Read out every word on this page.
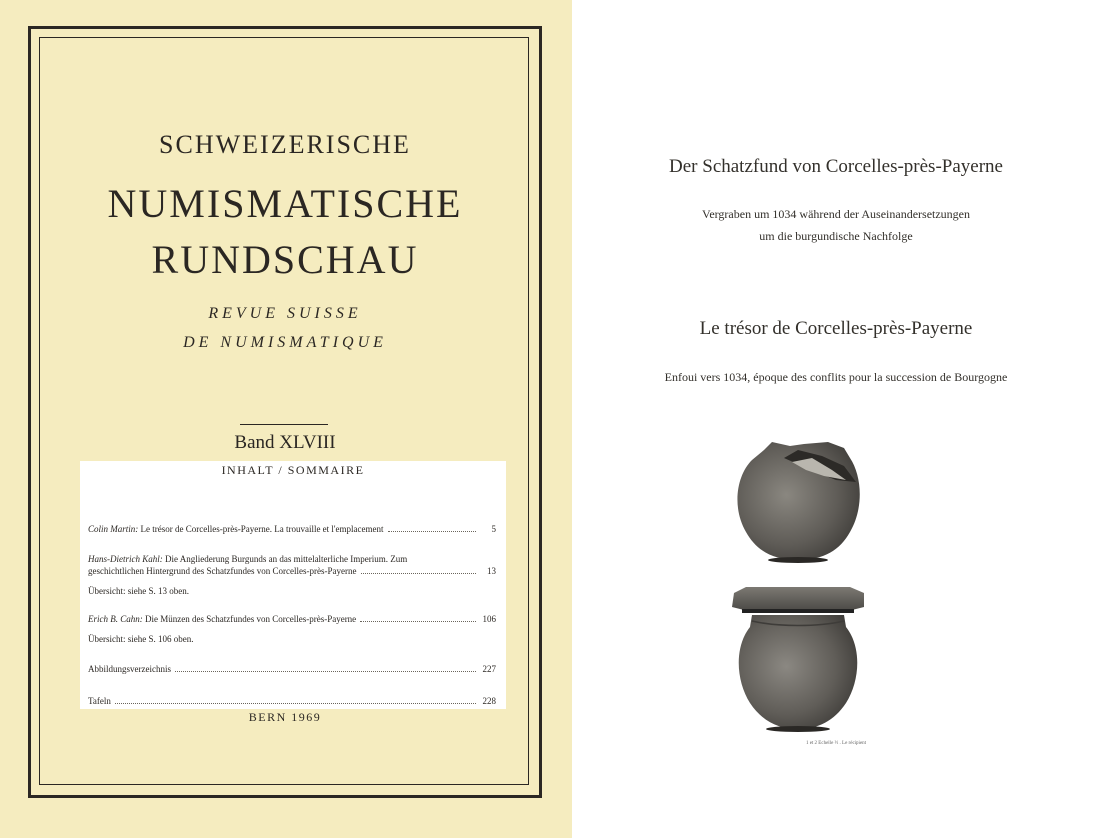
SCHWEIZERISCHE
NUMISMATISCHE
RUNDSCHAU
REVUE SUISSE
DE NUMISMATIQUE
Band XLVIII
INHALT / SOMMAIRE
Colin Martin: Le trésor de Corcelles-près-Payerne. La trouvaille et l'emplacement	5
Hans-Dietrich Kahl: Die Angliederung Burgunds an das mittelalterliche Imperium. Zum
geschichtlichen Hintergrund des Schatzfundes von Corcelles-près-Payerne	13
Übersicht: siehe S. 13 oben.
Erich B. Cahn: Die Münzen des Schatzfundes von Corcelles-près-Payerne	106
Übersicht: siehe S. 106 oben.
Abbildungsverzeichnis	227
Tafeln	228
BERN 1969
Der Schatzfund von Corcelles-près-Payerne
Vergraben um 1034 während der Auseinandersetzungen
um die burgundische Nachfolge
Le trésor de Corcelles-près-Payerne
Enfoui vers 1034, époque des conflits pour la succession de Bourgogne
1 et 2 Echelle ½ . Le récipient
